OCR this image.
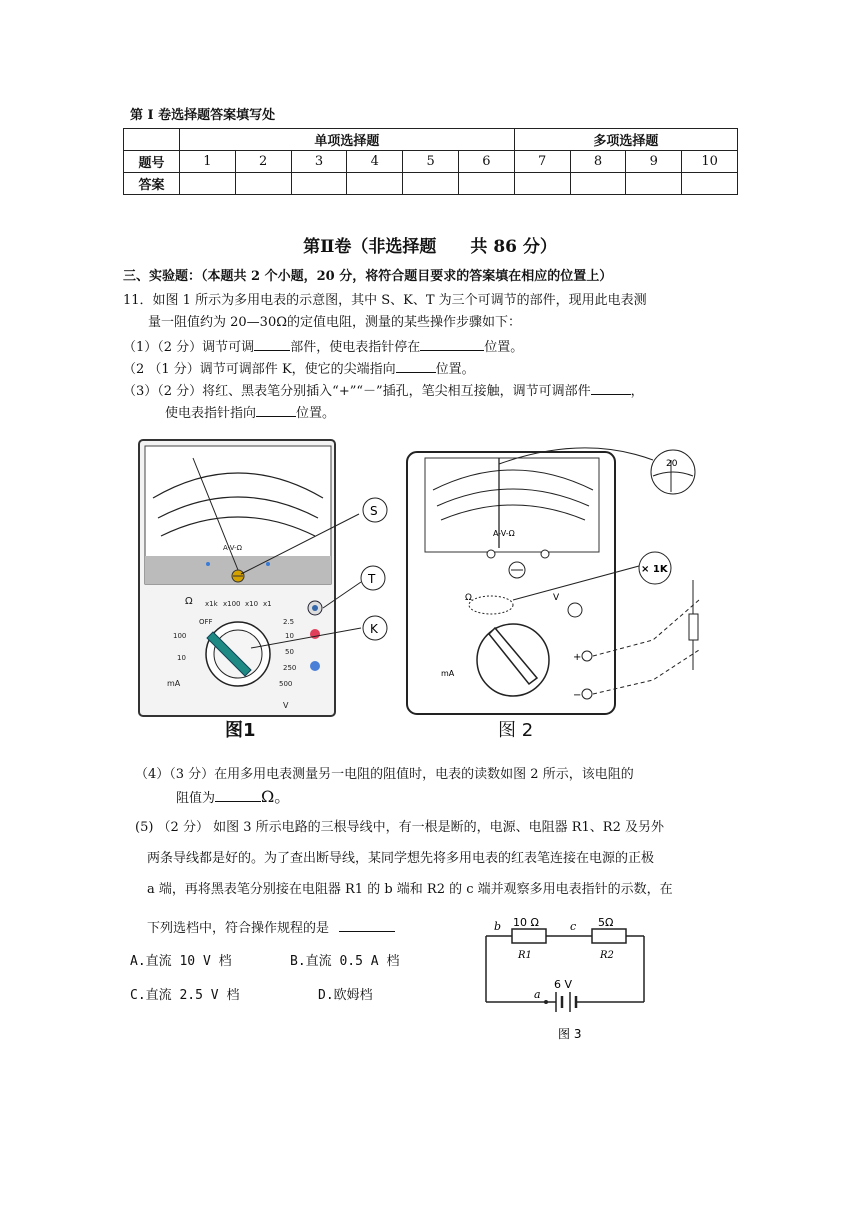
第 I 卷选择题答案填写处
	单项选择题						多项选择题			
题号	1	2	3	4	5	6	7	8	9	10
答案										
第Ⅱ卷（非选择题　　共 86 分）
三、实验题：（本题共 2 个小题，20 分，将符合题目要求的答案填在相应的位置上）
11．如图 1 所示为多用电表的示意图，其中 S、K、T 为三个可调节的部件，现用此电表测
量一阻值约为 20—30Ω的定值电阻，测量的某些操作步骤如下：
（1）（2 分）调节可调	部件，使电表指针停在	位置。
（2 （1 分）调节可调部件 K，使它的尖端指向	位置。
（3）（2 分）将红、黑表笔分别插入“+”“－”插孔，笔尖相互接触，调节可调部件	，
使电表指针指向	位置。
A-V-Ω
Ω x1k x100 x10 x1
OFF
100
10
mA
2.5
10
50
250
500
V
S
T
K
图1
A-V-Ω
Ω	V
mA
+
−
× 1K
20
图 2
（4）（3 分）在用多用电表测量另一电阻的阻值时，电表的读数如图 2 所示，该电阻的
阻值为	Ω。
(5) （2 分） 如图 3 所示电路的三根导线中，有一根是断的，电源、电阻器 R1、R2 及另外
两条导线都是好的。为了查出断导线，某同学想先将多用电表的红表笔连接在电源的正极
a 端，再将黑表笔分别接在电阻器 R1 的 b 端和 R2 的 c 端并观察多用电表指针的示数，在
下列选档中，符合操作规程的是
A.直流 10 V 档	B.直流 0.5 A 档
C.直流 2.5 V 档	D.欧姆档
b	c
a
10 Ω	5Ω
R1	R2
6 V
图 3
